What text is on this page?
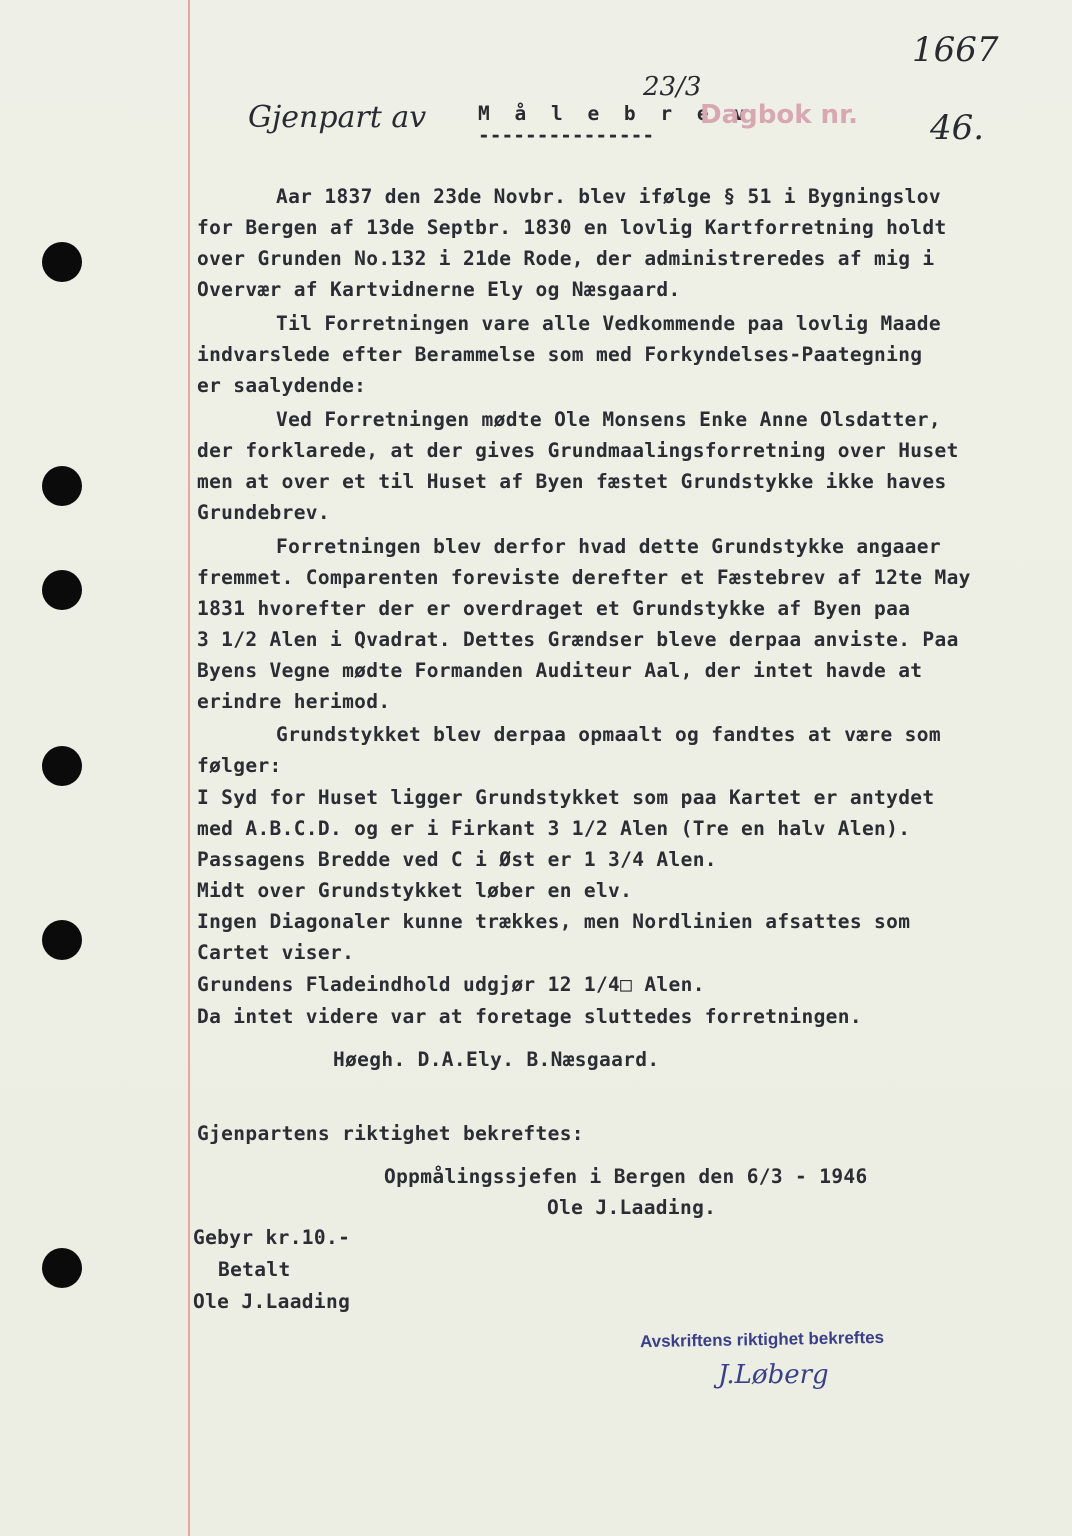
Gjenpart av	M å l e b r e v
---------------
23/3
Dagbok nr.
1667
46.
Aar 1837 den 23de Novbr. blev ifølge § 51 i Bygningslov
for Bergen af 13de Septbr. 1830 en lovlig Kartforretning holdt
over Grunden No.132 i 21de Rode, der administreredes af mig i
Overvær af Kartvidnerne Ely og Næsgaard.
Til Forretningen vare alle Vedkommende paa lovlig Maade
indvarslede efter Berammelse som med Forkyndelses-Paategning
er saalydende:
Ved Forretningen mødte Ole Monsens Enke Anne Olsdatter,
der forklarede, at der gives Grundmaalingsforretning over Huset
men at over et til Huset af Byen fæstet Grundstykke ikke haves
Grundebrev.
Forretningen blev derfor hvad dette Grundstykke angaaer
fremmet. Comparenten foreviste derefter et Fæstebrev af 12te May
1831 hvorefter der er overdraget et Grundstykke af Byen paa
3 1/2 Alen i Qvadrat. Dettes Grændser bleve derpaa anviste. Paa
Byens Vegne mødte Formanden Auditeur Aal, der intet havde at
erindre herimod.
Grundstykket blev derpaa opmaalt og fandtes at være som
følger:
I Syd for Huset ligger Grundstykket som paa Kartet er antydet
med A.B.C.D. og er i Firkant 3 1/2 Alen (Tre en halv Alen).
Passagens Bredde ved C i Øst er 1 3/4 Alen.
Midt over Grundstykket løber en elv.
Ingen Diagonaler kunne trækkes, men Nordlinien afsattes som
Cartet viser.
Grundens Fladeindhold udgjør 12 1/4□ Alen.
Da intet videre var at foretage sluttedes forretningen.
Høegh. D.A.Ely. B.Næsgaard.
Gjenpartens riktighet bekreftes:
Oppmålingssjefen i Bergen den 6/3 - 1946
Ole J.Laading.
Gebyr kr.10.-
Betalt
Ole J.Laading
Avskriftens riktighet bekreftes
J.Løberg
